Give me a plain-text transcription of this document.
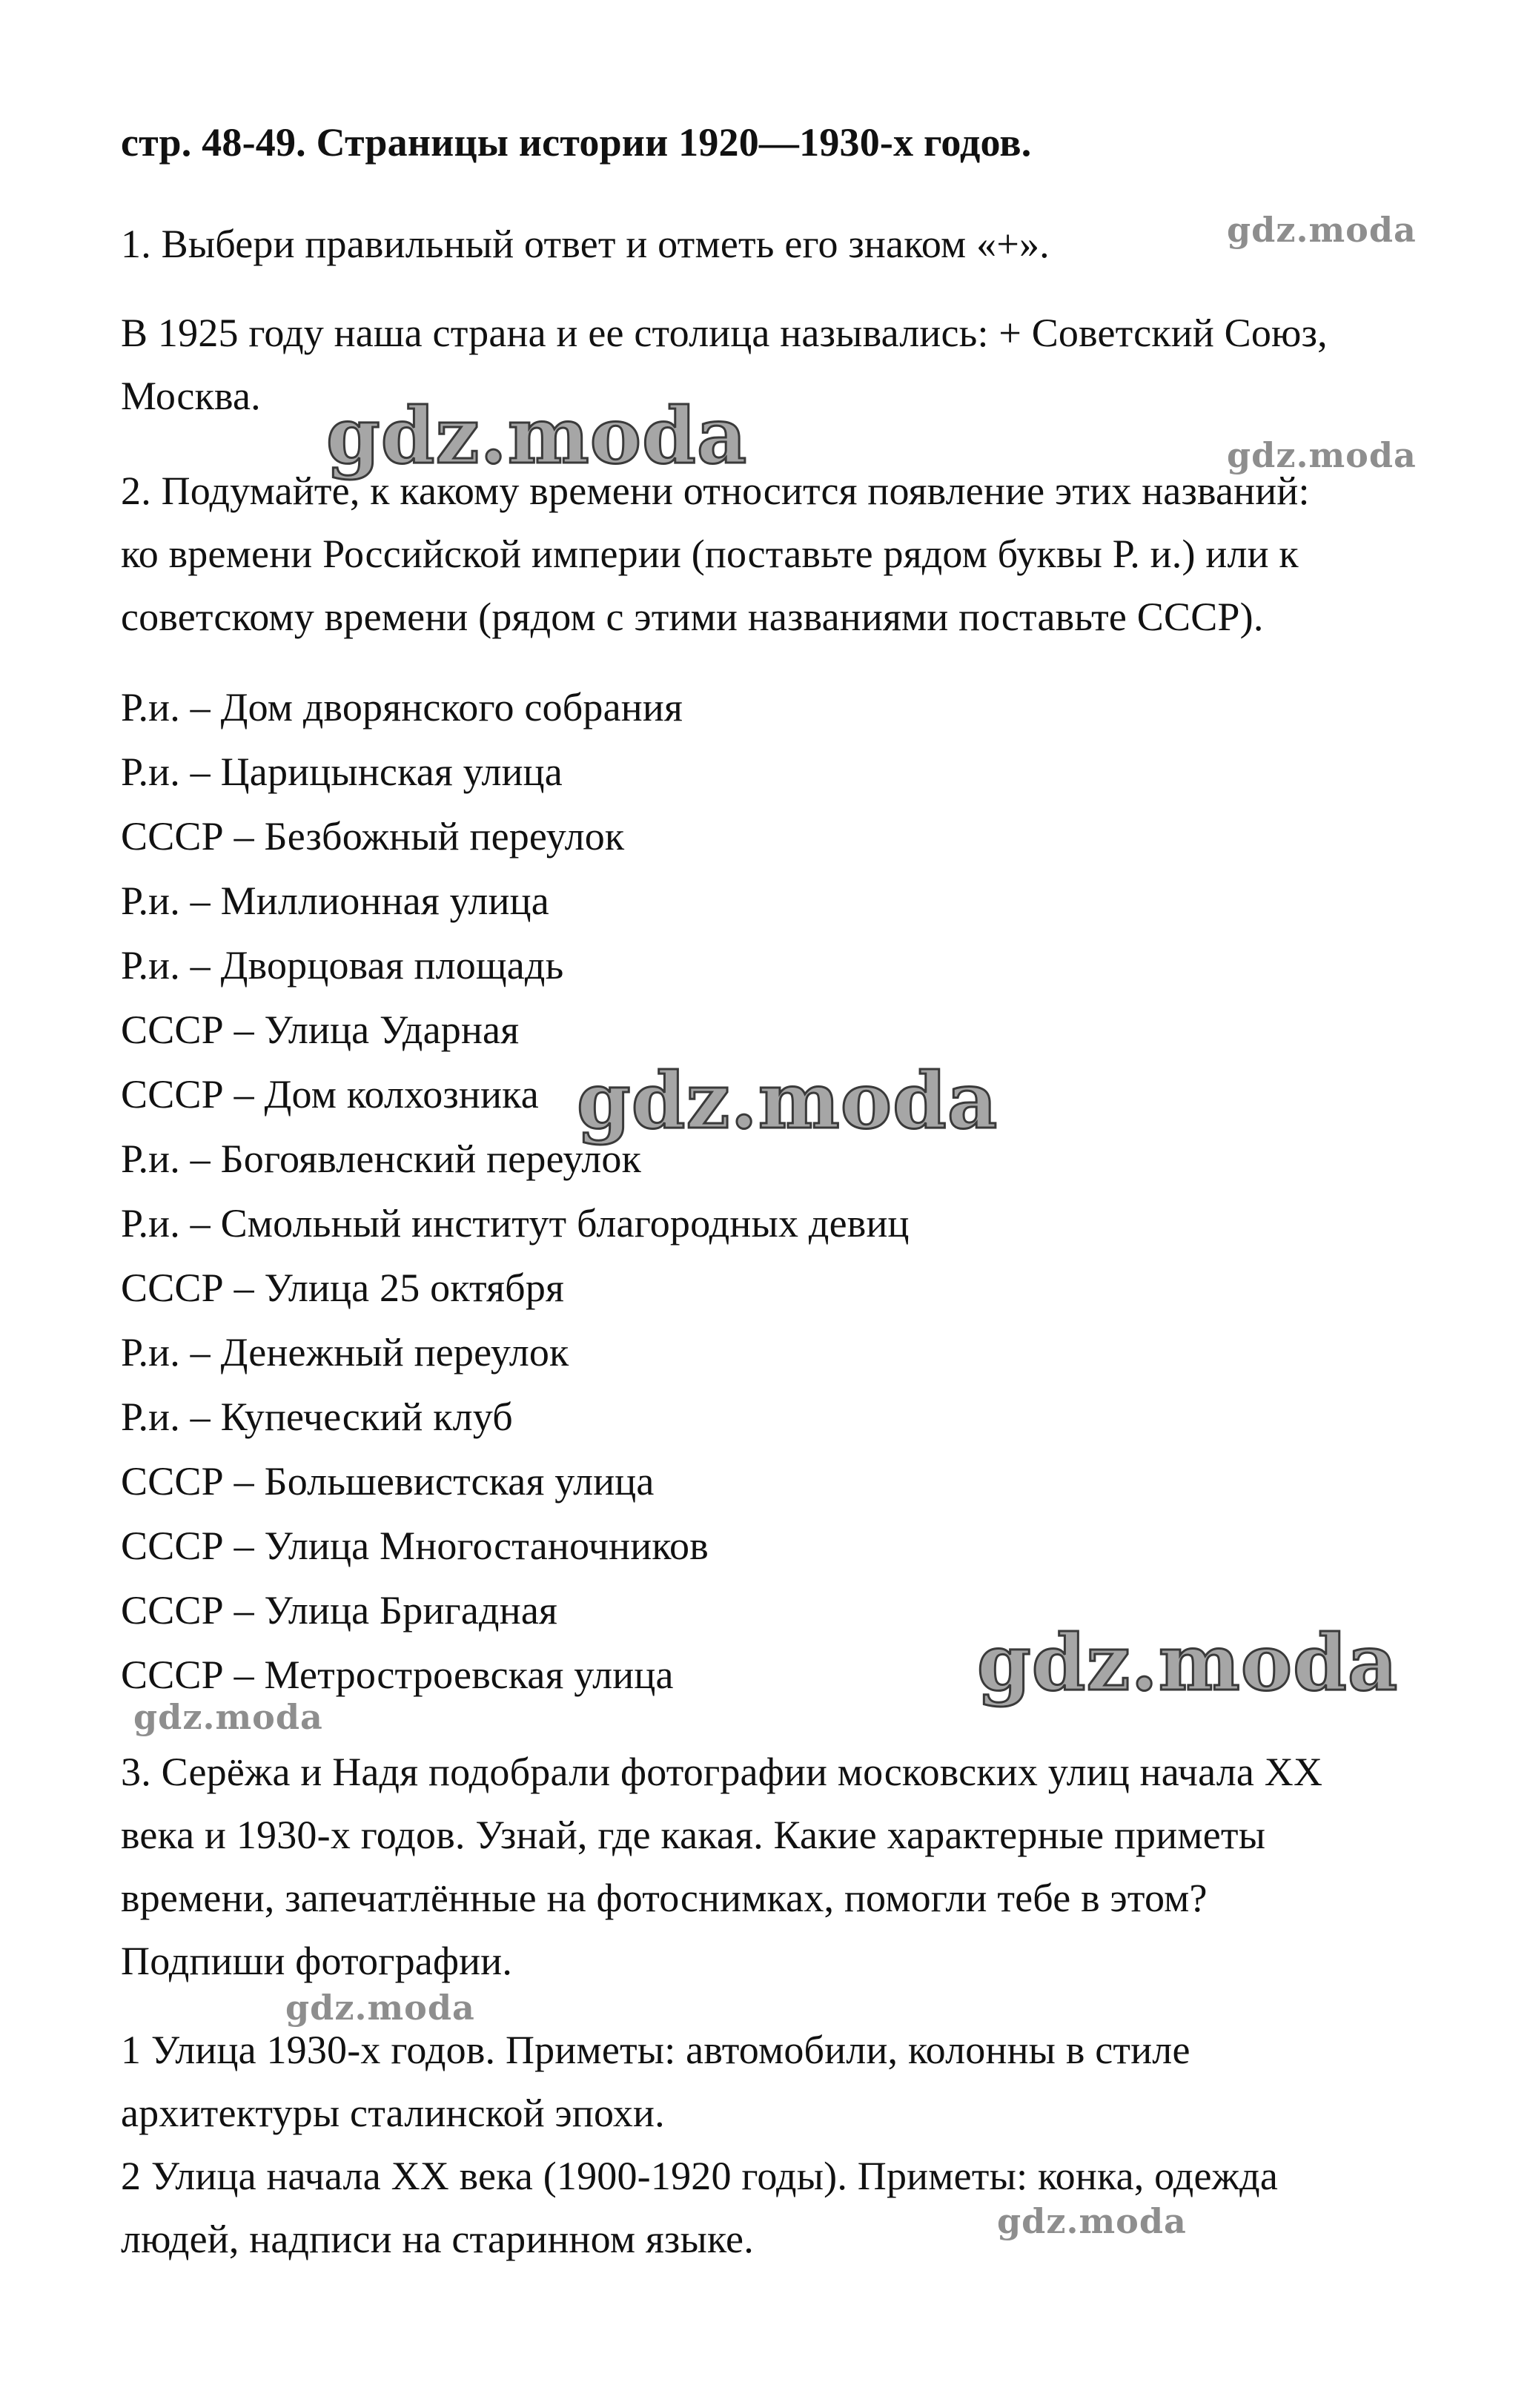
стр. 48-49. Страницы истории 1920—1930-х годов.
1. Выбери правильный ответ и отметь его знаком «+».
В 1925 году наша страна и ее столица назывались: + Советский Союз,
Москва.
2. Подумайте, к какому времени относится появление этих названий:
ко времени Российской империи (поставьте рядом буквы Р. и.) или к
советскому времени (рядом с этими названиями поставьте СССР).
Р.и. – Дом дворянского собрания
Р.и. – Царицынская улица
СССР – Безбожный переулок
Р.и. – Миллионная улица
Р.и. – Дворцовая площадь
СССР – Улица Ударная
СССР – Дом колхозника
Р.и. – Богоявленский переулок
Р.и. – Смольный институт благородных девиц
СССР – Улица 25 октября
Р.и. – Денежный переулок
Р.и. – Купеческий клуб
СССР – Большевистская улица
СССР – Улица Многостаночников
СССР – Улица Бригадная
СССР – Метростроевская улица
3. Серёжа и Надя подобрали фотографии московских улиц начала XX
века и 1930-х годов. Узнай, где какая. Какие характерные приметы
времени, запечатлённые на фотоснимках, помогли тебе в этом?
Подпиши фотографии.
1 Улица 1930-х годов. Приметы: автомобили, колонны в стиле
архитектуры сталинской эпохи.
2 Улица начала XX века (1900-1920 годы). Приметы: конка, одежда
людей, надписи на старинном языке.
gdz.moda
gdz.moda	gdz.moda
gdz.moda
gdz.moda
gdz.moda
gdz.moda
gdz.moda
